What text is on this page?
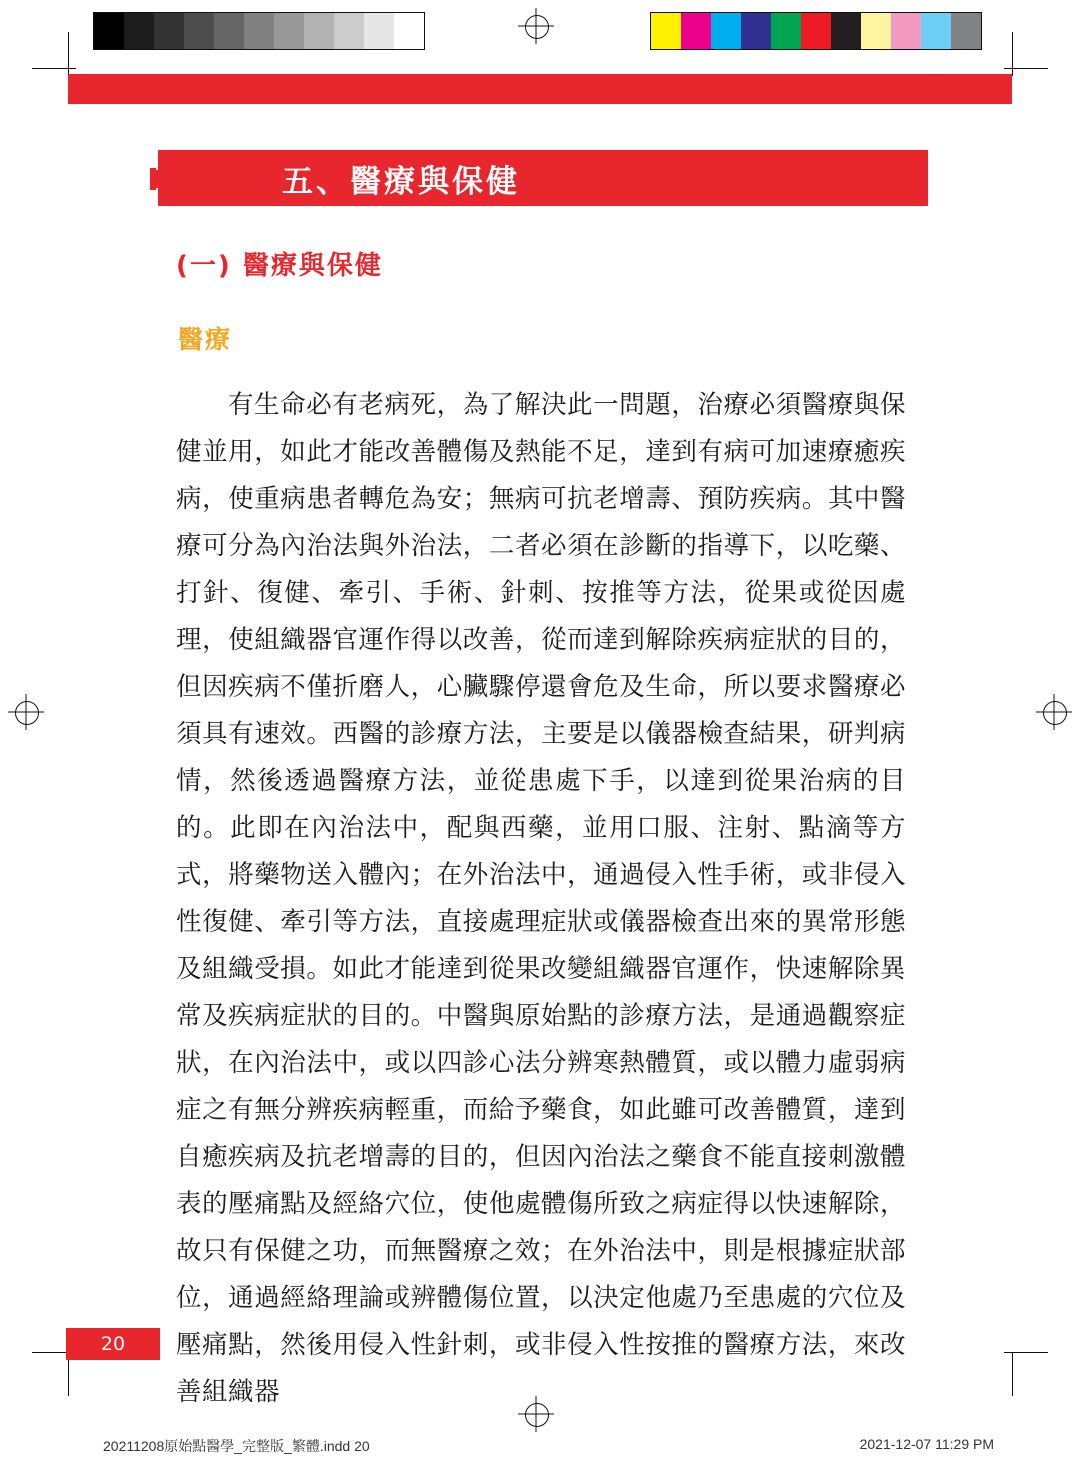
五、醫療與保健
(一) 醫療與保健
醫療
有生命必有老病死，為了解決此一問題，治療必須醫療與保健並用，如此才能改善體傷及熱能不足，達到有病可加速療癒疾病，使重病患者轉危為安；無病可抗老增壽、預防疾病。其中醫療可分為內治法與外治法，二者必須在診斷的指導下，以吃藥、打針、復健、牽引、手術、針刺、按推等方法，從果或從因處理，使組織器官運作得以改善，從而達到解除疾病症狀的目的，但因疾病不僅折磨人，心臟驟停還會危及生命，所以要求醫療必須具有速效。西醫的診療方法，主要是以儀器檢查結果，研判病情，然後透過醫療方法，並從患處下手，以達到從果治病的目的。此即在內治法中，配與西藥，並用口服、注射、點滴等方式，將藥物送入體內；在外治法中，通過侵入性手術，或非侵入性復健、牽引等方法，直接處理症狀或儀器檢查出來的異常形態及組織受損。如此才能達到從果改變組織器官運作，快速解除異常及疾病症狀的目的。中醫與原始點的診療方法，是通過觀察症狀，在內治法中，或以四診心法分辨寒熱體質，或以體力虛弱病症之有無分辨疾病輕重，而給予藥食，如此雖可改善體質，達到自癒疾病及抗老增壽的目的，但因內治法之藥食不能直接刺激體表的壓痛點及經絡穴位，使他處體傷所致之病症得以快速解除，故只有保健之功，而無醫療之效；在外治法中，則是根據症狀部位，通過經絡理論或辨體傷位置，以決定他處乃至患處的穴位及壓痛點，然後用侵入性針刺，或非侵入性按推的醫療方法，來改善組織器
20
20211208原始點醫學_完整版_繁體.indd 20	2021-12-07 11:29 PM
